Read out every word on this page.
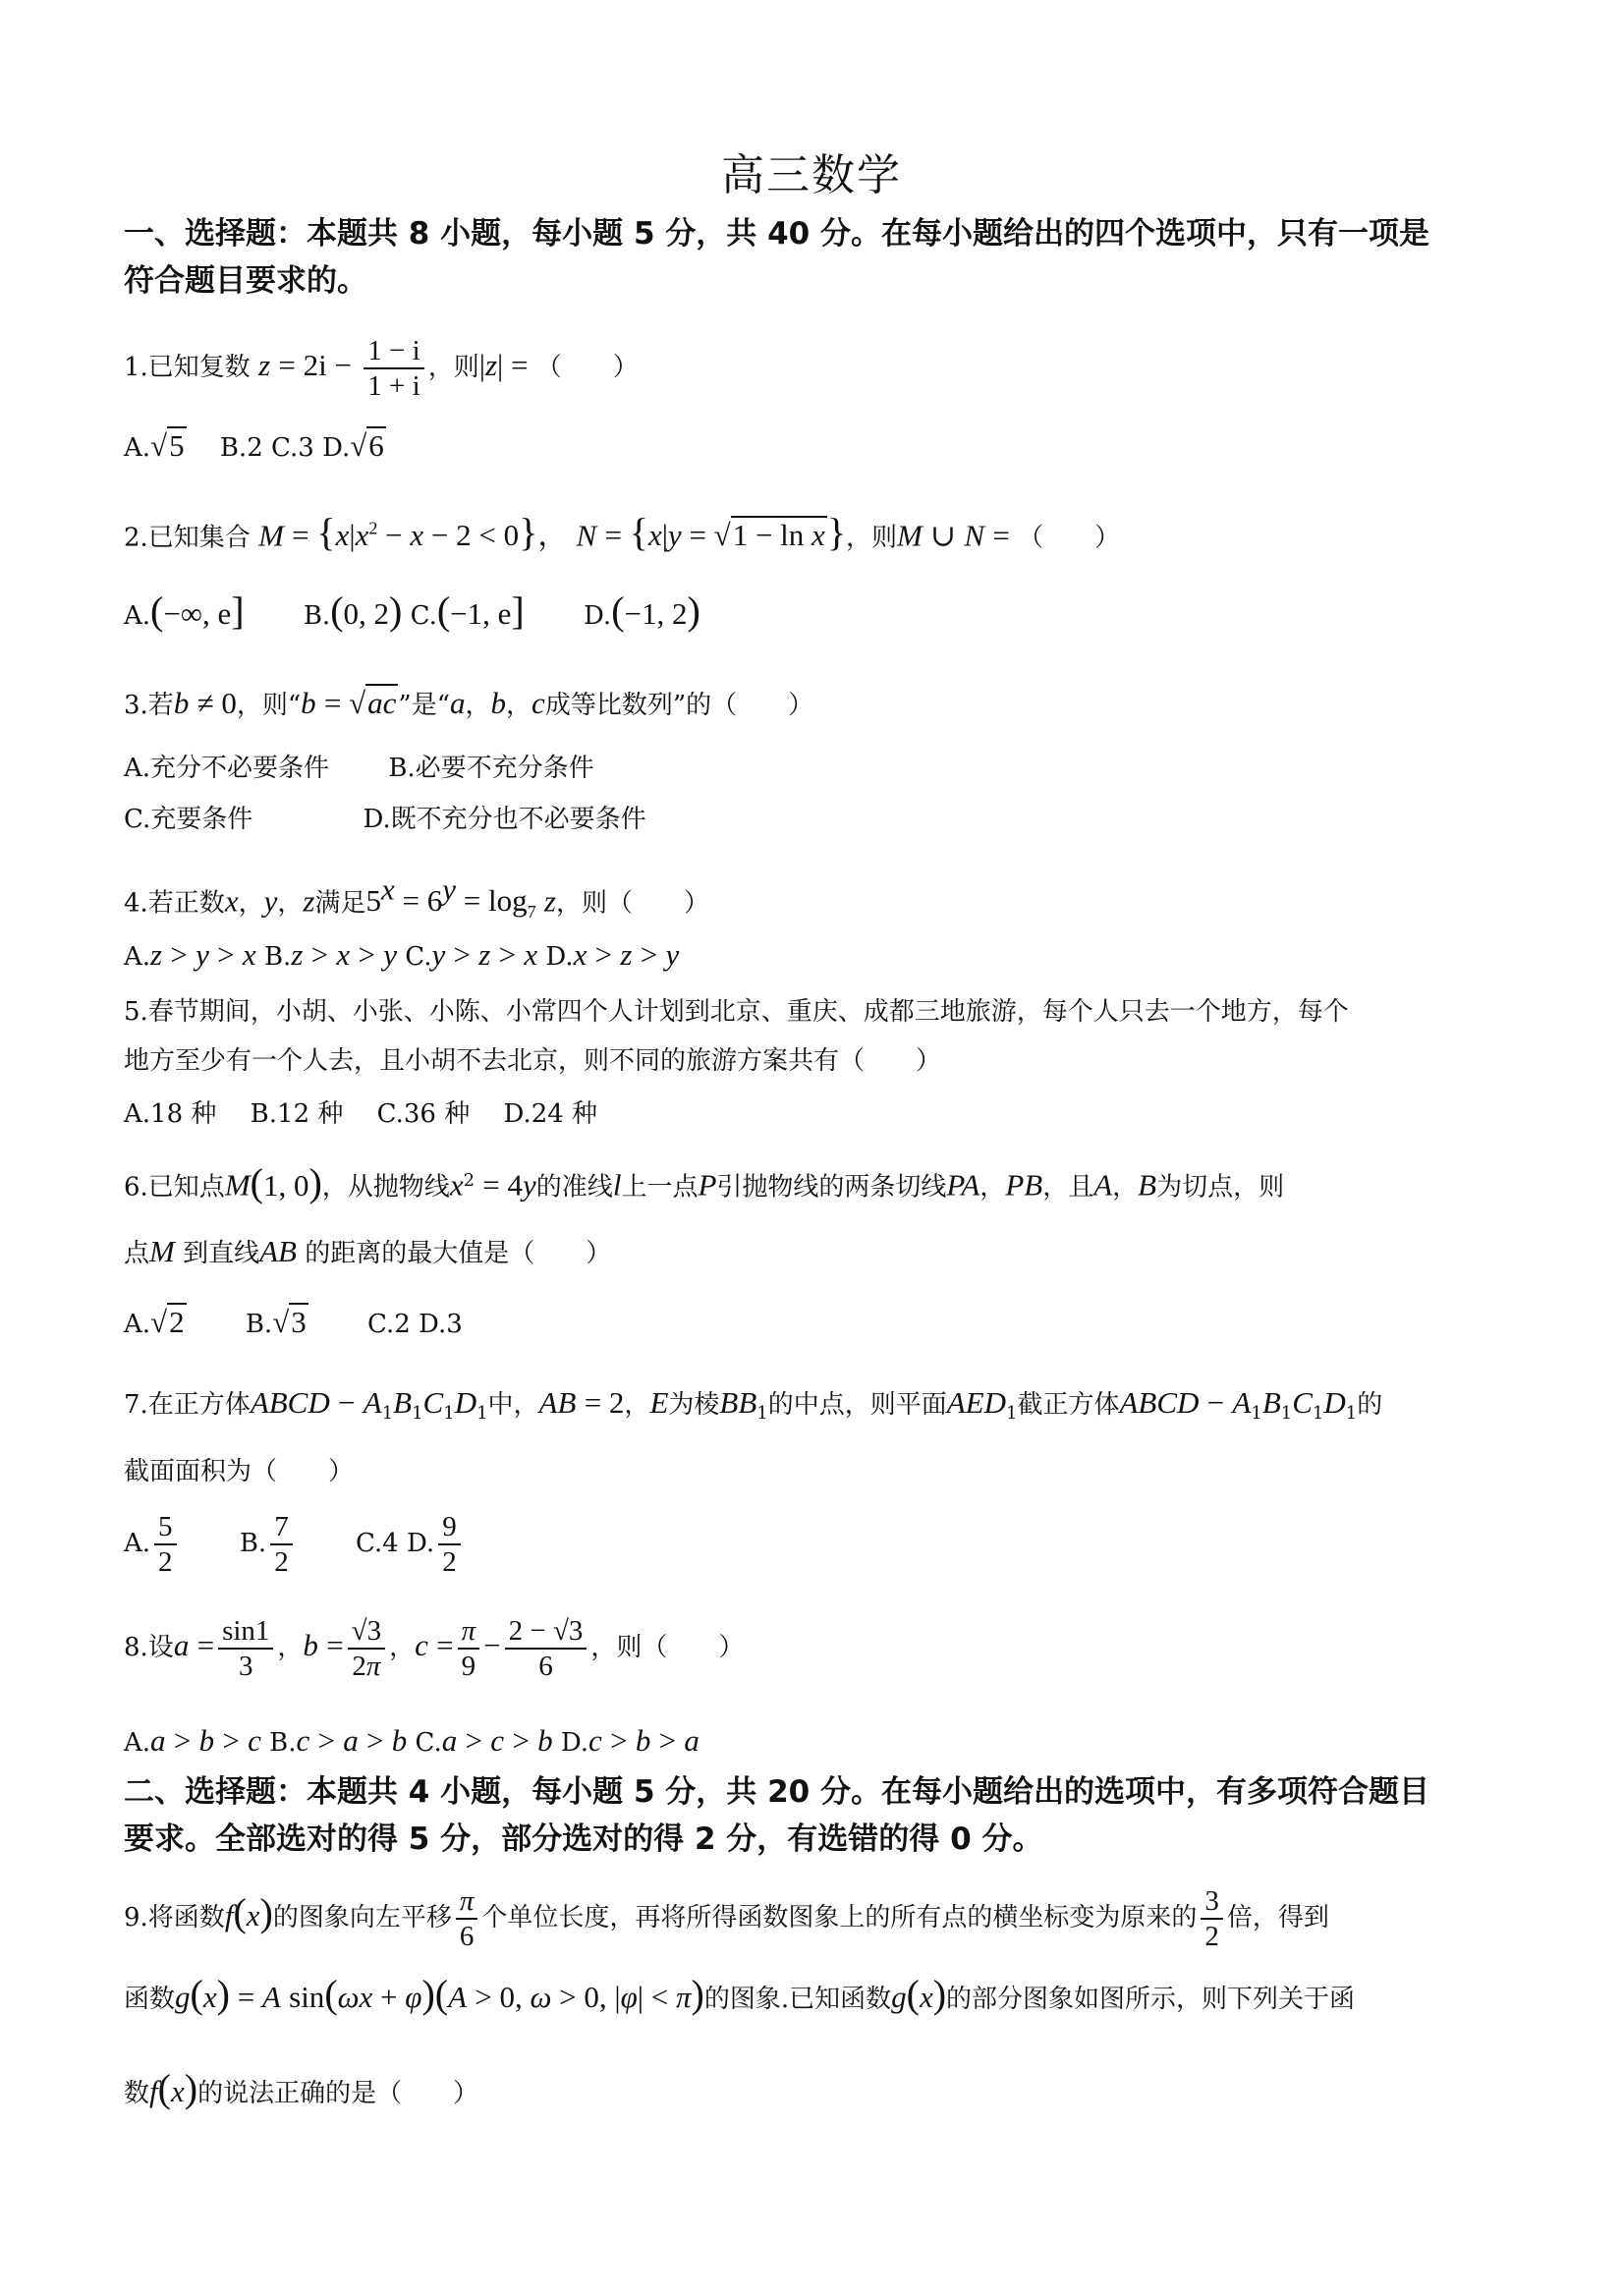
高三数学
一、选择题：本题共 8 小题，每小题 5 分，共 40 分。在每小题给出的四个选项中，只有一项是
符合题目要求的。
1.已知复数 $z = 2i - \frac{1 - i}{1 + i}$ ，则|z| = （　　）
A.√5 B.2 C.3 D.√6
2.已知集合 $M = \{x|x^2 - x - 2 < 0\}$， N = {x|y = √1 − ln x}，则M ∪ N = （　　）
A.(−∞, e] B.(0, 2) C.(−1, e] D.(−1, 2)
3.若b ≠ 0，则“b = √ac”是“a，b，c成等比数列”的（　　）
A.充分不必要条件 B.必要不充分条件
C.充要条件	D.既不充分也不必要条件
4.若正数x，y，z满足$5^x = 6^y = \log_7 z$，则（　　）
A.z > y > x B.z > x > y C.y > z > x D.x > z > y
5.春节期间，小胡、小张、小陈、小常四个人计划到北京、重庆、成都三地旅游，每个人只去一个地方，每个
地方至少有一个人去，且小胡不去北京，则不同的旅游方案共有（　　）
A.18 种 B.12 种 C.36 种 D.24 种
6.已知点M(1, 0)，从抛物线$x^2 = 4y$的准线l上一点P引抛物线的两条切线PA，PB，且A，B为切点，则
点M 到直线AB 的距离的最大值是（　　）
A.√2 B.√3 C.2 D.3
7.在正方体ABCD − $A_1B_1C_1D_1$中，AB = 2，E为棱$BB_1$的中点，则平面$AED_1$截正方体ABCD − $A_1B_1C_1D_1$的
截面面积为（　　）
A. $\frac{5}{2} B$. $\frac{7}{2} C.4$ D. $\frac{9}{2}$
8.设$a = \frac{\sin 1}{3}$ ，$b = \frac{√3}{2\pi}$ ，$c = \frac{\pi}{9} - \frac{2 - √3}{6}$ ，则（　　）
A.a > b > c B.c > a > b C.a > c > b D.c > b > a
二、选择题：本题共 4 小题，每小题 5 分，共 20 分。在每小题给出的选项中，有多项符合题目
要求。全部选对的得 5 分，部分选对的得 2 分，有选错的得 0 分。
9.将函数f(x)的图象向左平移 $\frac{\pi}{6}$ 个单位长度，再将所得函数图象上的所有点的横坐标变为原来的 $\frac{3}{2}$ 倍，得到
函数g(x) = A sin(ωx + φ)(A > 0, ω > 0, |φ| < π)的图象.已知函数g(x)的部分图象如图所示，则下列关于函
数f(x)的说法正确的是（　　）
